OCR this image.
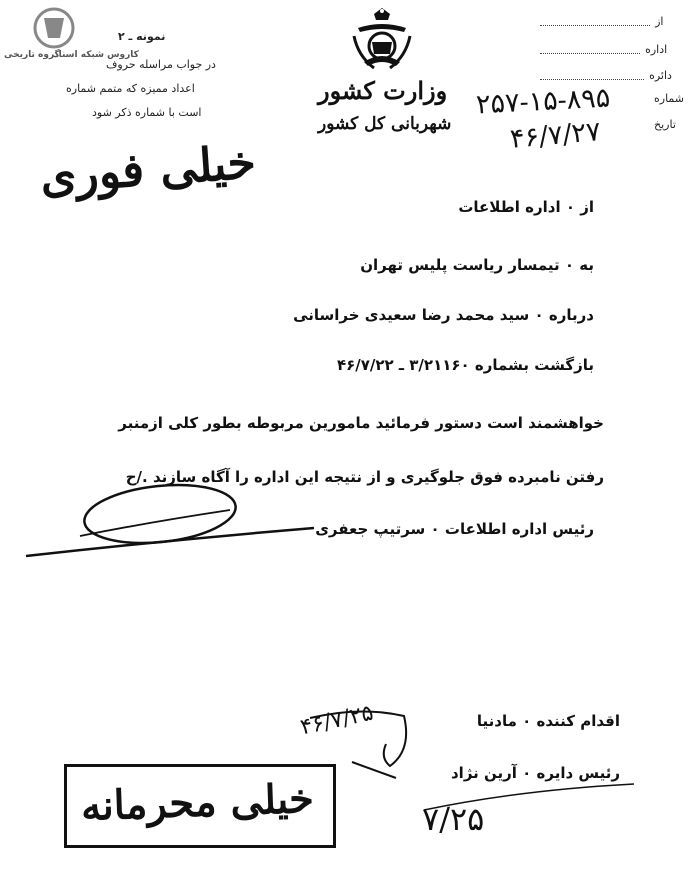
گروه تاریخی
کاروس شبکه اسناد
نمونه ـ ۲
در جواب مراسله حروف
اعداد ممیزه که متمم شماره
است با شماره ذکر شود
وزارت کشور
شهربانی کل کشور
از
اداره
دائره
شماره
تاریخ
۲۵۷-۱۵-۸۹۵
۴۶/۷/۲۷
خیلی فوری
از ۰ اداره اطلاعات
به ۰ تیمسار ریاست پلیس تهران
درباره ۰ سید محمد رضا سعیدی خراسانی
بازگشت بشماره ۳/۲۱۱۶۰ ـ ۴۶/۷/۲۲
خواهشمند است دستور فرمائید مامورین مربوطه بطور کلی ازمنبر
رفتن نامبرده فوق جلوگیری و از نتیجه این اداره را آگاه سازند ./ح
رئیس اداره اطلاعات ۰ سرتیپ جعفری
اقدام کننده ۰ مادنیا
رئیس دایره ۰ آرین نژاد
۴۶/۷/۲۵
خیلی محرمانه	۷/۲۵
